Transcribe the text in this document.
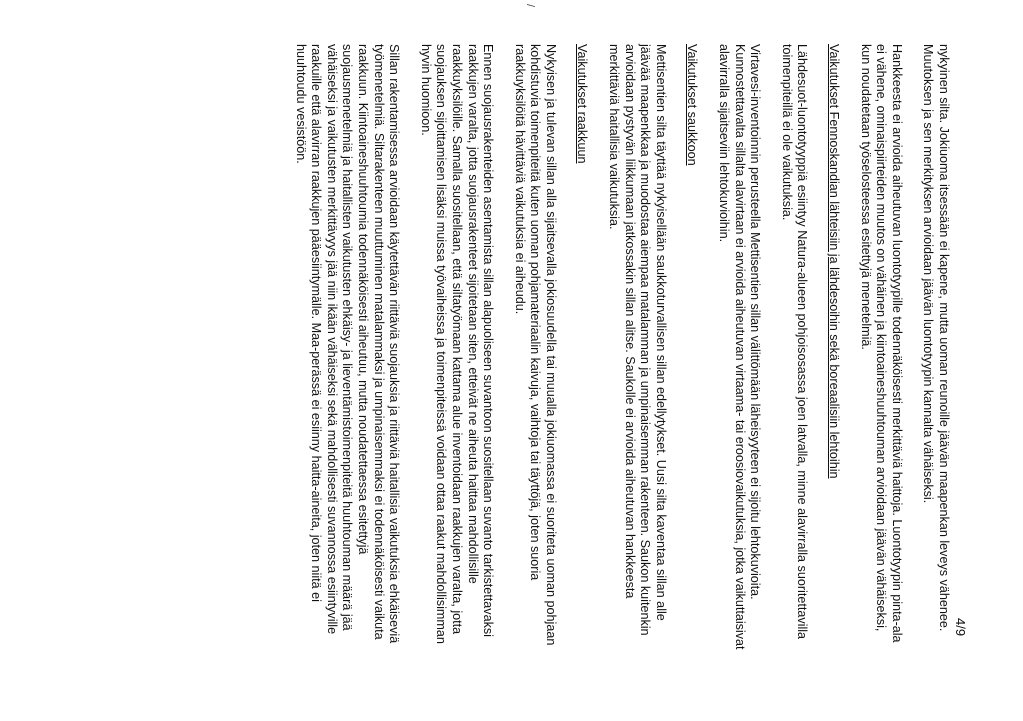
4/9
/

nykyinen silta. Jokiuoma itsessään ei kapene, mutta uoman reunoille jäävän maapenkan leveys vähenee. Muutoksen ja sen merkityksen arvioidaan jäävän luontotyypin kannalta vähäiseksi.

Hankkeesta ei arvioida aiheutuvan luontotyypille todennäköisesti merkittäviä haittoja. Luontotyypin pinta-ala ei vähene, ominaispiirteiden muutos on vähäinen ja kiintoaineshuuhtouman arvioidaan jäävän vähäiseksi, kun noudatetaan työselosteessa esitettyjä menetelmiä.

Vaikutukset Fennoskandian lähteisiin ja lähdesoihin sekä boreaalisiin lehtoihin

Lähdesuot-luontotyyppiä esiintyy Natura-alueen pohjoisosassa joen latvalla, minne alavirralla suoritettavilla toimenpiteillä ei ole vaikutuksia.

Virtavesi-inventoinnin perusteella Mettisentien sillan välittömään läheisyyteen ei sijoitu lehtokuvioita. Kunnostettavalta sillalta alavirtaan ei arvioida aiheutuvan virtaama- tai eroosiovaikutuksia, jotka vaikuttaisivat alavirralla sijaitseviin lehtokuvioihin.

Vaikutukset saukkoon

Mettisentien silta täyttää nykyisellään saukkoturvallisen sillan edellytykset. Uusi silta kaventaa sillan alle jäävää maapenkkaa ja muodostaa aiempaa matalamman ja umpinaisemman rakenteen. Saukon kuitenkin arvioidaan pystyvän liikkumaan jatkossakin sillan alitse. Saukolle ei arvioida aiheutuvan hankkeesta merkittäviä haitallisia vaikutuksia.

Vaikutukset raakkuun

Nykyisen ja tulevan sillan alla sijaitsevalla jokiosuudella tai muualla jokiuomassa ei suoriteta uoman pohjaan kohdistuvia toimenpiteitä kuten uoman pohjamateriaalin kaivuja, vaihtoja tai täyttöjä, joten suoria raakkuyksilöitä hävittäviä vaikutuksia ei aiheudu.

Ennen suojausrakenteiden asentamista sillan alapuoliseen suvantoon suositellaan suvanto tarkistettavaksi raakkujen varalta, jotta suojausrakenteet sijoitetaan siten, etteivät ne aiheuta haittaa mahdollisille raakkuyksilöille. Samalla suositellaan, että siltatyömaan kattama alue inventoidaan raakkujen varalta, jotta suojauksen sijoittamisen lisäksi muissa työvaiheissa ja toimenpiteissä voidaan ottaa raakut mahdollisimman hyvin huomioon.

Sillan rakentamisessa arvioidaan käytettävän riittäviä suojauksia ja riittäviä haitallisia vaikutuksia ehkäiseviä työmenetelmiä. Siltarakenteen muuttuminen matalammaksi ja umpinaisemmaksi ei todennäköisesti vaikuta raakkuun. Kiintoaineshuuhtoumia todennäköisesti aiheutuu, mutta noudatettaessa esitettyjä suojausmenetelmiä ja haitallisten vaikutusten ehkäisy- ja lieventämistoimenpiteitä huuhtouman määrä jää vähäiseksi ja vaikutusten merkittävyys jää niin ikään vähäiseksi sekä mahdollisesti suvannossa esiintyville raakuille että alavirran raakkujen pääesiintymälle. Maa-perässä ei esiinny haitta-aineita, joten niitä ei huuhtoudu vesistöön.
